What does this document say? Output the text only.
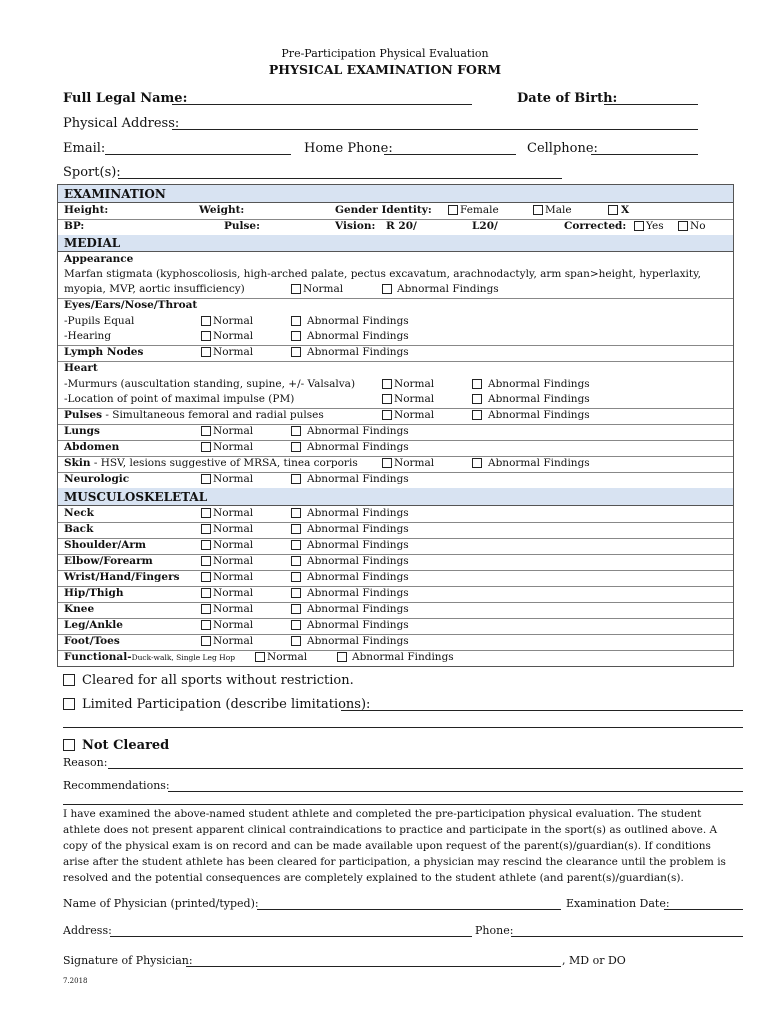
Pre-Participation Physical Evaluation
PHYSICAL EXAMINATION FORM
Full Legal Name:	Date of Birth:
Physical Address:
Email:	Home Phone:	Cellphone:
Sport(s):
EXAMINATION
Height:	Weight:	Gender Identity:	Female	Male	X
BP:	Pulse:	Vision: R 20/	L20/	Corrected: Yes	No
MEDIAL
Appearance
Marfan stigmata (kyphoscoliosis, high-arched palate, pectus excavatum, arachnodactyly, arm span>height, hyperlaxity,
myopia, MVP, aortic insufficiency)	Normal	Abnormal Findings
Eyes/Ears/Nose/Throat
-Pupils Equal	Normal	Abnormal Findings
-Hearing	Normal	Abnormal Findings
Lymph Nodes	Normal	Abnormal Findings
Heart
-Murmurs (auscultation standing, supine, +/- Valsalva)	Normal	Abnormal Findings
-Location of point of maximal impulse (PM)	Normal	Abnormal Findings
Pulses - Simultaneous femoral and radial pulses	Normal	Abnormal Findings
Lungs	Normal	Abnormal Findings
Abdomen	Normal	Abnormal Findings
Skin - HSV, lesions suggestive of MRSA, tinea corporis	Normal	Abnormal Findings
Neurologic	Normal	Abnormal Findings
MUSCULOSKELETAL
Neck	Normal	Abnormal Findings
Back	Normal	Abnormal Findings
Shoulder/Arm	Normal	Abnormal Findings
Elbow/Forearm	Normal	Abnormal Findings
Wrist/Hand/Fingers	Normal	Abnormal Findings
Hip/Thigh	Normal	Abnormal Findings
Knee	Normal	Abnormal Findings
Leg/Ankle	Normal	Abnormal Findings
Foot/Toes	Normal	Abnormal Findings
Functional-Duck-walk, Single Leg Hop	Normal	Abnormal Findings
Cleared for all sports without restriction.
Limited Participation (describe limitations):
Not Cleared
Reason:
Recommendations:
I have examined the above-named student athlete and completed the pre-participation physical evaluation. The student athlete does not present apparent clinical contraindications to practice and participate in the sport(s) as outlined above. A copy of the physical exam is on record and can be made available upon request of the parent(s)/guardian(s). If conditions arise after the student athlete has been cleared for participation, a physician may rescind the clearance until the problem is resolved and the potential consequences are completely explained to the student athlete (and parent(s)/guardian(s).
Name of Physician (printed/typed):	Examination Date:
Address:	Phone:
Signature of Physician:	, MD or DO
7.2018
